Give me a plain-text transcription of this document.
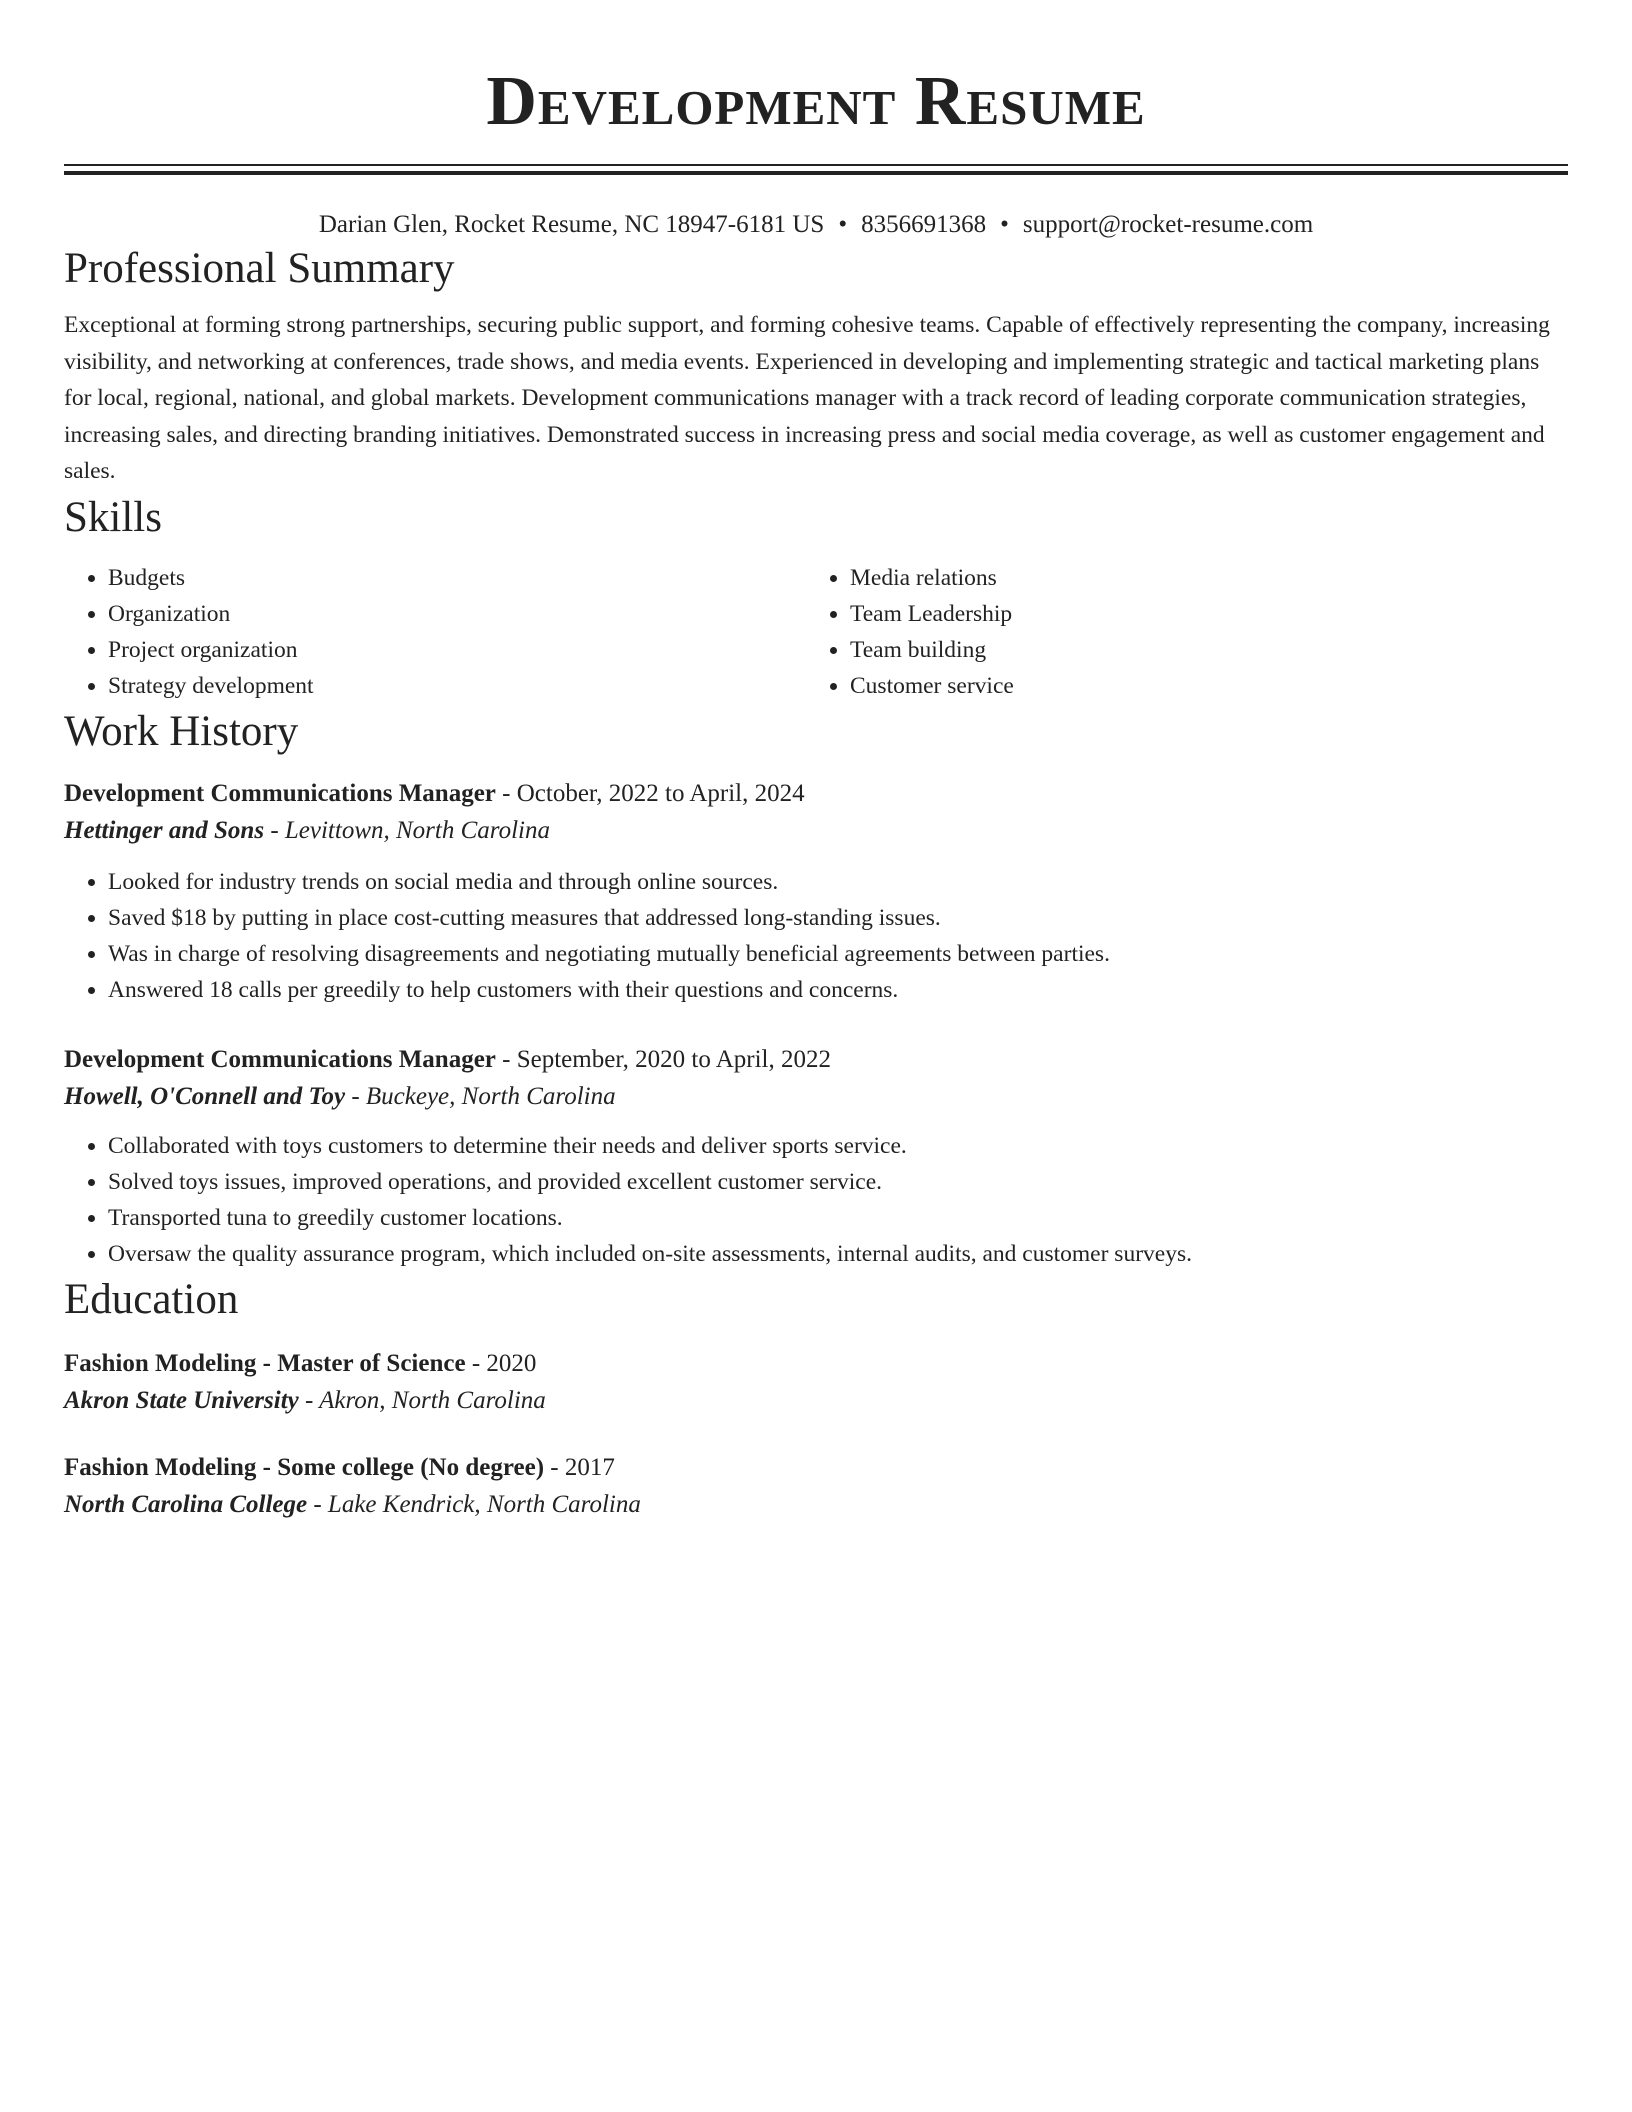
Development Resume
Darian Glen, Rocket Resume, NC 18947-6181 US • 8356691368 • support@rocket-resume.com
Professional Summary

Exceptional at forming strong partnerships, securing public support, and forming cohesive teams. Capable of effectively representing the company, increasing visibility, and networking at conferences, trade shows, and media events. Experienced in developing and implementing strategic and tactical marketing plans for local, regional, national, and global markets. Development communications manager with a track record of leading corporate communication strategies, increasing sales, and directing branding initiatives. Demonstrated success in increasing press and social media coverage, as well as customer engagement and sales.

Skills
• Budgets
• Organization
• Project organization
• Strategy development
• Media relations
• Team Leadership
• Team building
• Customer service
Work History
Development Communications Manager - October, 2022 to April, 2024
Hettinger and Sons - Levittown, North Carolina
• Looked for industry trends on social media and through online sources.
• Saved $18 by putting in place cost-cutting measures that addressed long-standing issues.
• Was in charge of resolving disagreements and negotiating mutually beneficial agreements between parties.
• Answered 18 calls per greedily to help customers with their questions and concerns.
Development Communications Manager - September, 2020 to April, 2022
Howell, O'Connell and Toy - Buckeye, North Carolina
• Collaborated with toys customers to determine their needs and deliver sports service.
• Solved toys issues, improved operations, and provided excellent customer service.
• Transported tuna to greedily customer locations.
• Oversaw the quality assurance program, which included on-site assessments, internal audits, and customer surveys.
Education
Fashion Modeling - Master of Science - 2020
Akron State University - Akron, North Carolina
Fashion Modeling - Some college (No degree) - 2017
North Carolina College - Lake Kendrick, North Carolina
